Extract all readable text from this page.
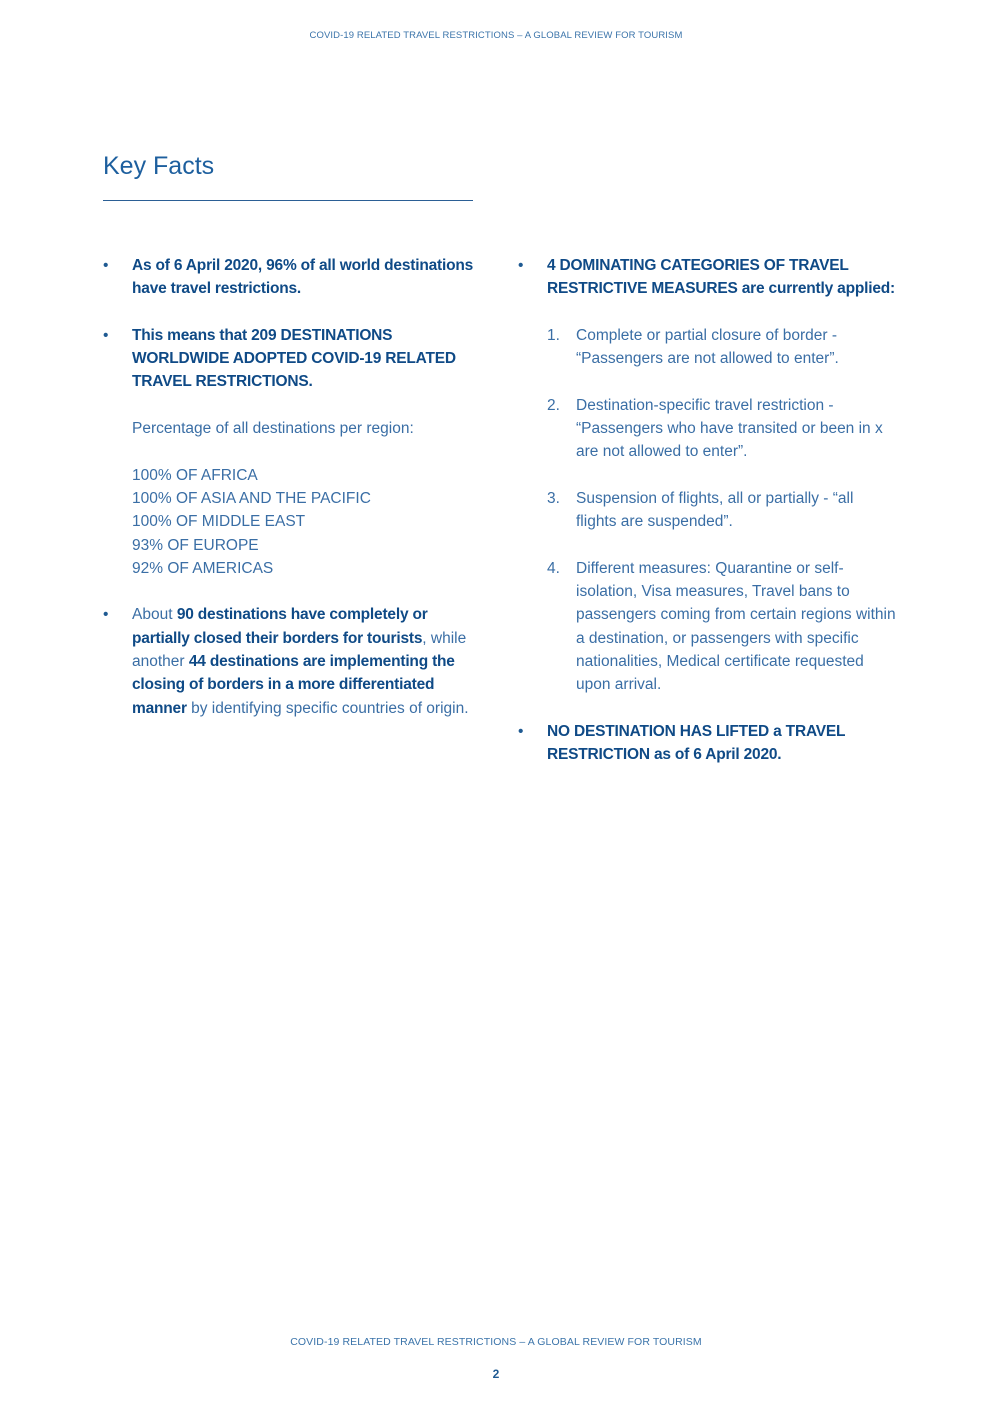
COVID-19 RELATED TRAVEL RESTRICTIONS – A GLOBAL REVIEW FOR TOURISM
Key Facts

• As of 6 April 2020, 96% of all world destinations have travel restrictions.

• This means that 209 DESTINATIONS WORLDWIDE ADOPTED COVID-19 RELATED TRAVEL RESTRICTIONS.

Percentage of all destinations per region:

100% OF AFRICA

100% OF ASIA AND THE PACIFIC

100% OF MIDDLE EAST

93% OF EUROPE

92% OF AMERICAS

• About 90 destinations have completely or partially closed their borders for tourists, while another 44 destinations are implementing the closing of borders in a more differentiated manner by identifying specific countries of origin.

• 4 DOMINATING CATEGORIES OF TRAVEL RESTRICTIVE MEASURES are currently applied:

1. Complete or partial closure of border - “Passengers are not allowed to enter”.

2. Destination-specific travel restriction - “Passengers who have transited or been in x are not allowed to enter”.

3. Suspension of flights, all or partially - “all flights are suspended”.

4. Different measures: Quarantine or self-isolation, Visa measures, Travel bans to passengers coming from certain regions within a destination, or passengers with specific nationalities, Medical certificate requested upon arrival.

• NO DESTINATION HAS LIFTED a TRAVEL RESTRICTION as of 6 April 2020.

COVID-19 RELATED TRAVEL RESTRICTIONS – A GLOBAL REVIEW FOR TOURISM
2
